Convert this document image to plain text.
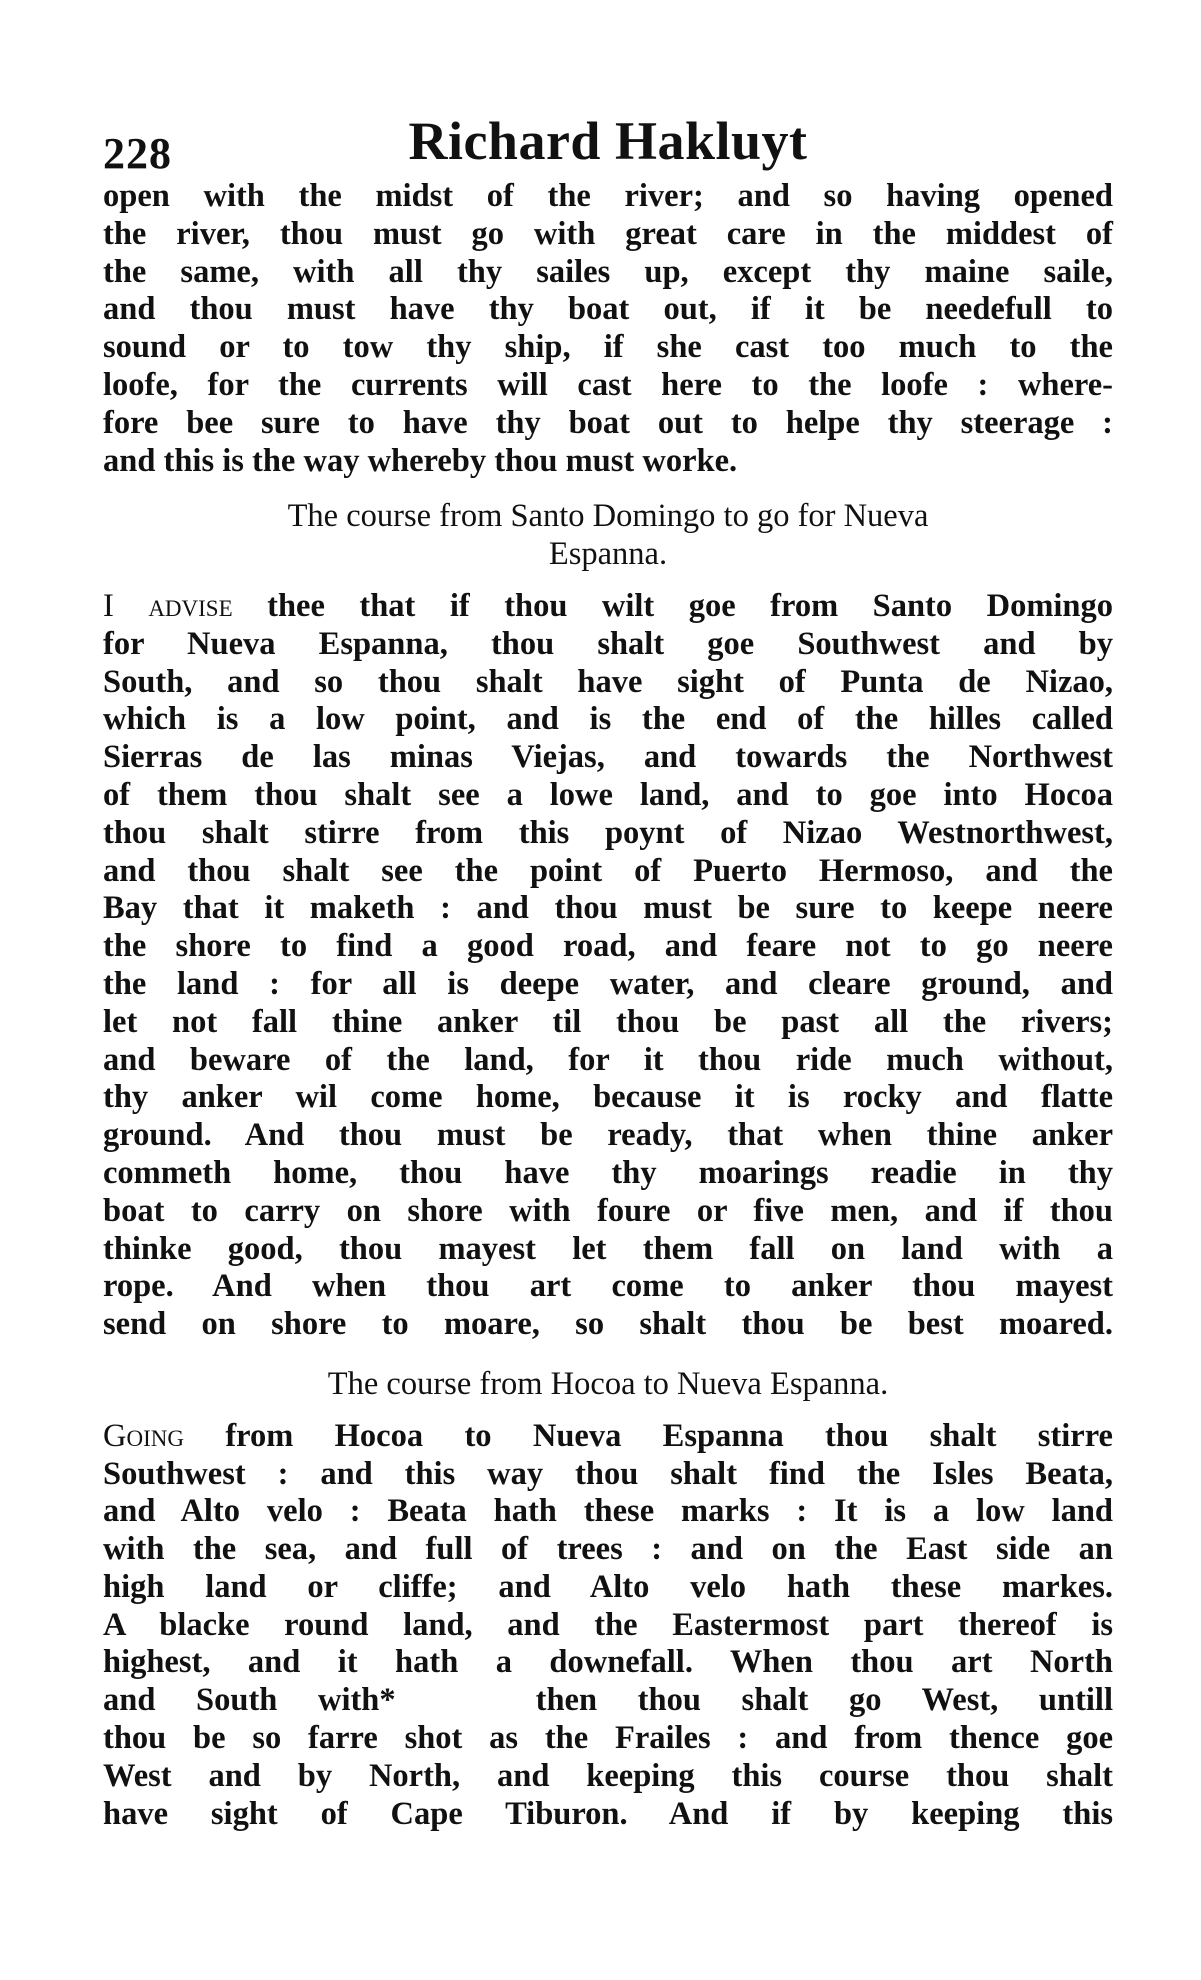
228	Richard Hakluyt

open with the midst of the river; and so having opened
the river, thou must go with great care in the middest of
the same, with all thy sailes up, except thy maine saile,
and thou must have thy boat out, if it be needefull to
sound or to tow thy ship, if she cast too much to the
loofe, for the currents will cast here to the loofe : where-
fore bee sure to have thy boat out to helpe thy steerage :
and this is the way whereby thou must worke.

The course from Santo Domingo to go for Nueva
Espanna.

I advise thee that if thou wilt goe from Santo Domingo
for Nueva Espanna, thou shalt goe Southwest and by
South, and so thou shalt have sight of Punta de Nizao,
which is a low point, and is the end of the hilles called
Sierras de las minas Viejas, and towards the Northwest
of them thou shalt see a lowe land, and to goe into Hocoa
thou shalt stirre from this poynt of Nizao Westnorthwest,
and thou shalt see the point of Puerto Hermoso, and the
Bay that it maketh : and thou must be sure to keepe neere
the shore to find a good road, and feare not to go neere
the land : for all is deepe water, and cleare ground, and
let not fall thine anker til thou be past all the rivers;
and beware of the land, for it thou ride much without,
thy anker wil come home, because it is rocky and flatte
ground. And thou must be ready, that when thine anker
commeth home, thou have thy moarings readie in thy
boat to carry on shore with foure or five men, and if thou
thinke good, thou mayest let them fall on land with a
rope. And when thou art come to anker thou mayest
send on shore to moare, so shalt thou be best moared.

The course from Hocoa to Nueva Espanna.

Going from Hocoa to Nueva Espanna thou shalt stirre
Southwest : and this way thou shalt find the Isles Beata,
and Alto velo : Beata hath these marks : It is a low land
with the sea, and full of trees : and on the East side an
high land or cliffe; and Alto velo hath these markes.
A blacke round land, and the Eastermost part thereof is
highest, and it hath a downefall. When thou art North
and South with*	then thou shalt go West, untill
thou be so farre shot as the Frailes : and from thence goe
West and by North, and keeping this course thou shalt
have sight of Cape Tiburon. And if by keeping this
